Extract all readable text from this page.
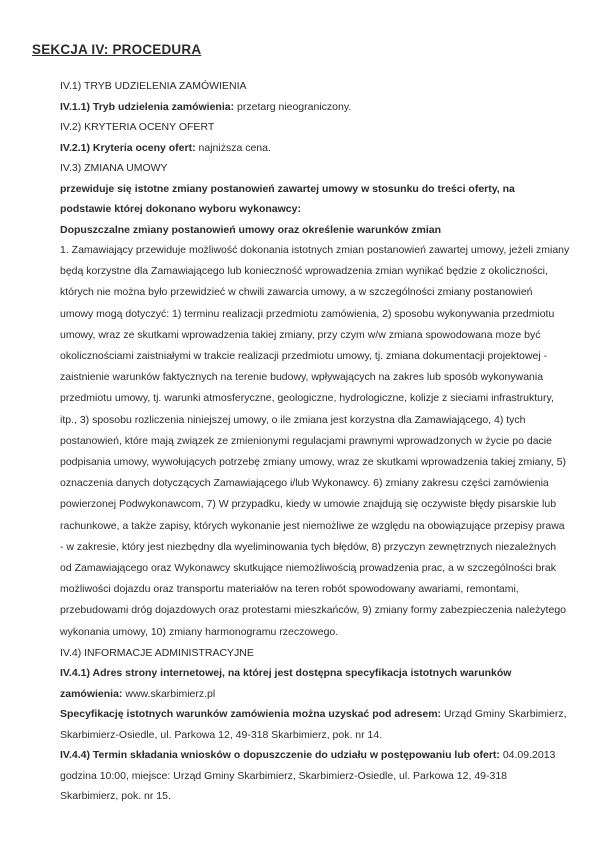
SEKCJA IV: PROCEDURA
IV.1) TRYB UDZIELENIA ZAMÓWIENIA
IV.1.1) Tryb udzielenia zamówienia: przetarg nieograniczony.
IV.2) KRYTERIA OCENY OFERT
IV.2.1) Kryteria oceny ofert: najniższa cena.
IV.3) ZMIANA UMOWY
przewiduje się istotne zmiany postanowień zawartej umowy w stosunku do treści oferty, na
podstawie której dokonano wyboru wykonawcy:
Dopuszczalne zmiany postanowień umowy oraz określenie warunków zmian
1. Zamawiający przewiduje możliwość dokonania istotnych zmian postanowień zawartej umowy, jeżeli zmiany
będą korzystne dla Zamawiającego lub konieczność wprowadzenia zmian wynikać będzie z okoliczności,
których nie można było przewidzieć w chwili zawarcia umowy, a w szczególności zmiany postanowień
umowy mogą dotyczyć: 1) terminu realizacji przedmiotu zamówienia, 2) sposobu wykonywania przedmiotu
umowy, wraz ze skutkami wprowadzenia takiej zmiany, przy czym w/w zmiana spowodowana moze być
okolicznościami zaistniałymi w trakcie realizacji przedmiotu umowy, tj. zmiana dokumentacji projektowej -
zaistnienie warunków faktycznych na terenie budowy, wpływających na zakres lub sposób wykonywania
przedmiotu umowy, tj. warunki atmosferyczne, geologiczne, hydrologiczne, kolizje z sieciami infrastruktury,
itp., 3) sposobu rozliczenia niniejszej umowy, o ile zmiana jest korzystna dla Zamawiającego, 4) tych
postanowień, które mają związek ze zmienionymi regulacjami prawnymi wprowadzonych w życie po dacie
podpisania umowy, wywołujących potrzebę zmiany umowy, wraz ze skutkami wprowadzenia takiej zmiany, 5)
oznaczenia danych dotyczących Zamawiającego i/lub Wykonawcy. 6) zmiany zakresu części zamówienia
powierzonej Podwykonawcom, 7) W przypadku, kiedy w umowie znajdują się oczywiste błędy pisarskie lub
rachunkowe, a także zapisy, których wykonanie jest niemożliwe ze względu na obowiązujące przepisy prawa
- w zakresie, który jest niezbędny dla wyeliminowania tych błędów, 8) przyczyn zewnętrznych niezależnych
od Zamawiającego oraz Wykonawcy skutkujące niemożliwością prowadzenia prac, a w szczególności brak
możliwości dojazdu oraz transportu materiałów na teren robót spowodowany awariami, remontami,
przebudowami dróg dojazdowych oraz protestami mieszkańców, 9) zmiany formy zabezpieczenia należytego
wykonania umowy, 10) zmiany harmonogramu rzeczowego.
IV.4) INFORMACJE ADMINISTRACYJNE
IV.4.1) Adres strony internetowej, na której jest dostępna specyfikacja istotnych warunków
zamówienia: www.skarbimierz.pl
Specyfikację istotnych warunków zamówienia można uzyskać pod adresem: Urząd Gminy Skarbimierz,
Skarbimierz-Osiedle, ul. Parkowa 12, 49-318 Skarbimierz, pok. nr 14.
IV.4.4) Termin składania wniosków o dopuszczenie do udziału w postępowaniu lub ofert: 04.09.2013
godzina 10:00, miejsce: Urząd Gminy Skarbimierz, Skarbimierz-Osiedle, ul. Parkowa 12, 49-318
Skarbimierz, pok. nr 15.
